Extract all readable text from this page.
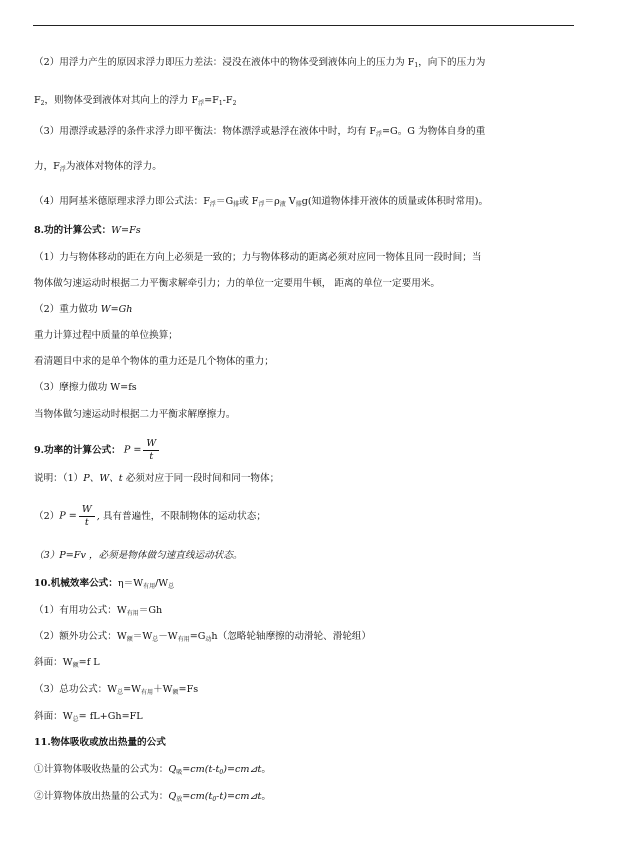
（2）用浮力产生的原因求浮力即压力差法：浸没在液体中的物体受到液体向上的压力为 $F_1$，向下的压力为
$F_2$，则物体受到液体对其向上的浮力 $F_浮=F_1-F_2$
（3）用漂浮或悬浮的条件求浮力即平衡法：物体漂浮或悬浮在液体中时，均有 $F_浮=G$。G 为物体自身的重
力，$F_浮$为液体对物体的浮力。
（4）用阿基米德原理求浮力即公式法：$F_浮=G_排$或 $F_浮=\rho_液$ $V_排g$(知道物体排开液体的质量或体积时常用)。
8.功的计算公式：W=Fs
（1）力与物体移动的距在方向上必须是一致的；力与物体移动的距离必须对应同一物体且同一段时间；当
物体做匀速运动时根据二力平衡求解牵引力；力的单位一定要用牛顿， 距离的单位一定要用米。
（2）重力做功 W=Gh
重力计算过程中质量的单位换算；
看清题目中求的是单个物体的重力还是几个物体的重力；
（3）摩擦力做功 W=fs
当物体做匀速运动时根据二力平衡求解摩擦力。
9.功率的计算公式： $P = \frac{W}{t}$
说明：（1）P、W、t 必须对应于同一段时间和同一物体；
$(2)P = \frac{W}{t}$ , 具有普遍性，不限制物体的运动状态；
（3）P=Fv ，必须是物体做匀速直线运动状态。
10.机械效率公式：$\eta=W_{有用}/W_总$
（1）有用功公式：$W_{有用}=Gh$
（2）额外功公式：$W_额=W_总-W_{有用}=G_动h$（忽略轮轴摩擦的动滑轮、滑轮组）
斜面：$W_额=f$ L
（3）总功公式：$W_总=W_{有用}+W_额=Fs$
斜面：$W_总= fL+Gh=FL$
11.物体吸收或放出热量的公式
①计算物体吸收热量的公式为：$Q_吸=cm(t-t_0)=cm⊿t$。
②计算物体放出热量的公式为：$Q_放=cm(t_0-t)=cm⊿t$。
